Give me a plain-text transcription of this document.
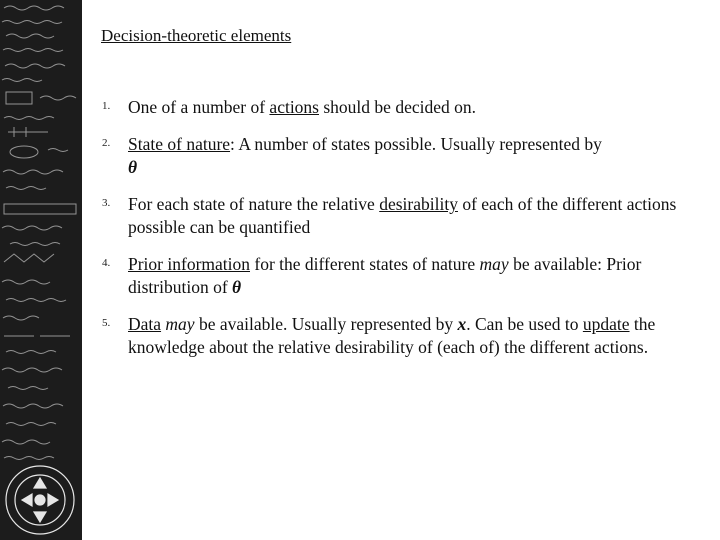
Decision-theoretic elements
1. One of a number of actions should be decided on.
2. State of nature: A number of states possible. Usually represented by
θ
3. For each state of nature the relative desirability of each of the different actions possible can be quantified
4. Prior information for the different states of nature may be available: Prior distribution of θ
5. Data may be available. Usually represented by x. Can be used to update the knowledge about the relative desirability of (each of) the different actions.
